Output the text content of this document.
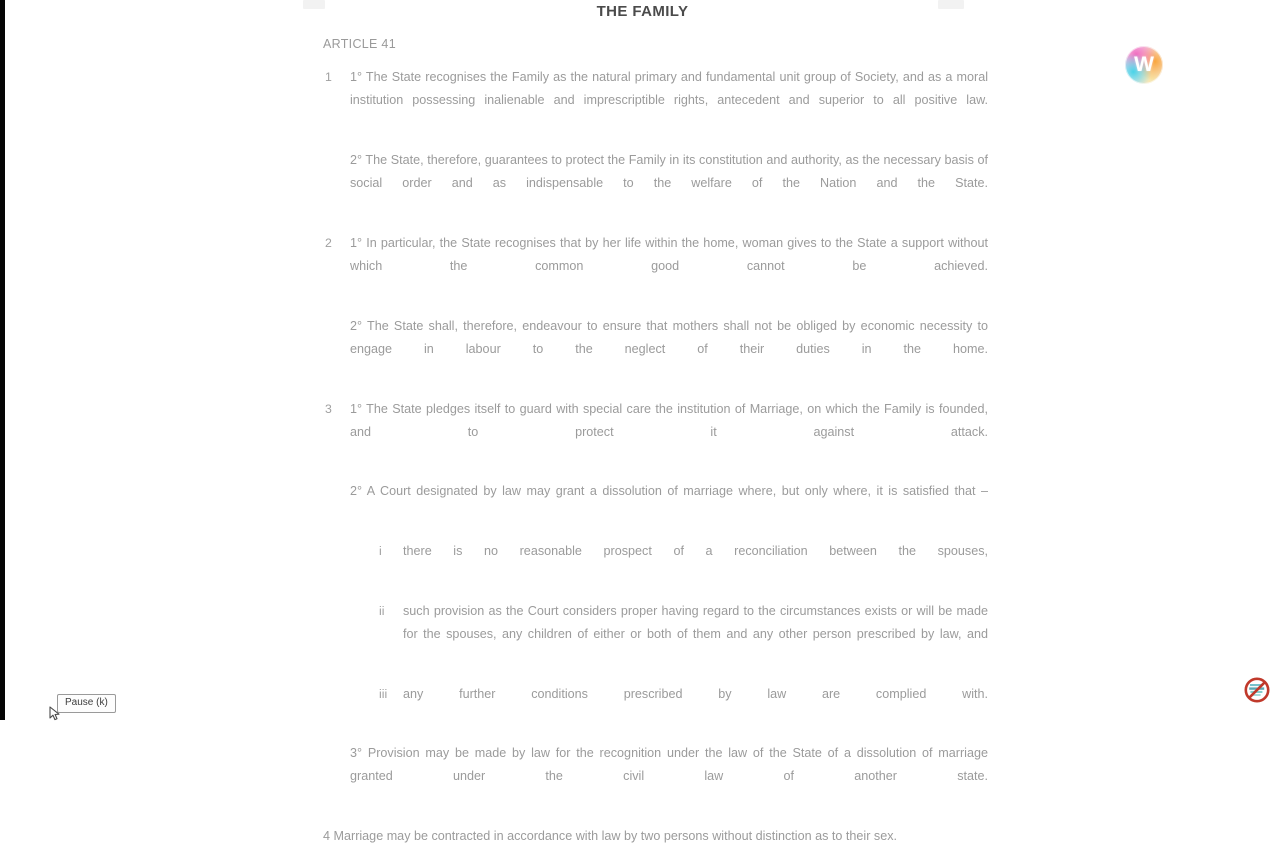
THE FAMILY
ARTICLE 41
1 1° The State recognises the Family as the natural primary and fundamental unit group of Society, and as a moral institution possessing inalienable and imprescriptible rights, antecedent and superior to all positive law.
2° The State, therefore, guarantees to protect the Family in its constitution and authority, as the necessary basis of social order and as indispensable to the welfare of the Nation and the State.
2 1° In particular, the State recognises that by her life within the home, woman gives to the State a support without which the common good cannot be achieved.
2° The State shall, therefore, endeavour to ensure that mothers shall not be obliged by economic necessity to engage in labour to the neglect of their duties in the home.
3 1° The State pledges itself to guard with special care the institution of Marriage, on which the Family is founded, and to protect it against attack.
2° A Court designated by law may grant a dissolution of marriage where, but only where, it is satisfied that –
i there is no reasonable prospect of a reconciliation between the spouses,
ii such provision as the Court considers proper having regard to the circumstances exists or will be made for the spouses, any children of either or both of them and any other person prescribed by law, and
iii any further conditions prescribed by law are complied with.
3° Provision may be made by law for the recognition under the law of the State of a dissolution of marriage granted under the civil law of another state.
4 Marriage may be contracted in accordance with law by two persons without distinction as to their sex.
W
Pause (k)
